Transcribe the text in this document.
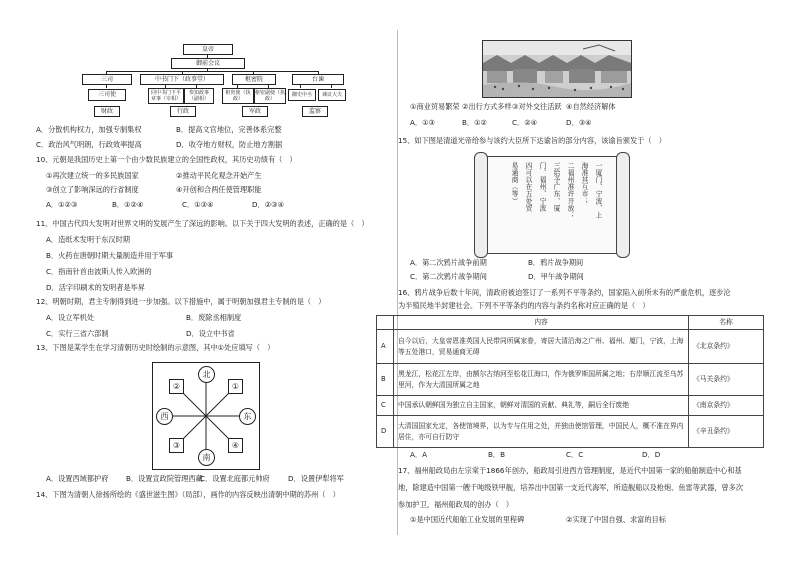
皇帝
御前会议
三司	中书门下（政事堂）	枢密院	台谏
三司使	同中书门下平章事（宰相）
参知政事（副相）
枢密使（执政）
枢密副使（执政）
御史中丞	谏议大夫
财政	行政	军政	监察
A．分散机构权力，加强专制集权	B．提高文官地位，完善体系完整
C．政治风气明朗，行政效率提高	D．收夺地方财权，防止地方割据
10、元朝是我国历史上第一个由少数民族建立的全国性政权，其历史功绩有（　）
①再次建立统一的多民族国家	②推动平民化观念开始产生
③创立了影响深远的行省制度	④开创和合两任使管理职能
A．①②③	B．①②④	C．①③④	D．②③④
11、中国古代四大发明对世界文明的发展产生了深远的影响。以下关于四大发明的表述，正确的是（　）
A．造纸术发明于东汉时期
B．火药在唐朝时期大量制造并用于军事
C．指南针首由波斯人传入欧洲的
D．活字印刷术的发明者是毕昇
12、明朝时期，君主专制得到进一步加强。以下措施中，属于明朝加强君主专制的是（　）
A．设立军机处	B．废除丞相制度
C．实行三省六部制	D．设立中书省
13、下图是某学生在学习清朝历史时绘制的示意图，其中①处应填写（　）
北
西	东
南
②	①
③	④
A．设置西域都护府 B．设置宣政院管理西藏
C．设置北庭都元帅府	D．设置伊犁将军
14、下图为清朝人徐扬所绘的《盛世滋生图》（局部），画作的内容反映出清朝中期的苏州（　）
①商业贸易繁荣 ②出行方式多样 ③对外交往活跃 ④自然经济解体
A．①③	B．①②	C．②④	D．③④
15、如下图是清道光帝给参与该约大臣所下达谕旨的部分内容，该谕旨颁发于（　）
一厦门、宁波、上
海准其互市；
二福州准许开放；
三给予广东、厦
门、福州、宁波
四可以在五处贸
易通商（等）
A．第二次鸦片战争前期	B．鸦片战争期间
C．第二次鸦片战争期间	D．甲午战争期间
16、鸦片战争后数十年间，清政府被迫签订了一系列不平等条约，国家陷入前所未有的严重危机，逐步沦
为半殖民地半封建社会。下列不平等条约的内容与条约名称对应正确的是（　）
	内容	名称
A	自今以后，大皇帝恩准英国人民带同所属家眷，寄居大清沿海之广州、福州、厦门，宁波，上海等五处港口，贸易通商无碍	《北京条约》
B	黑龙江，松花江左岸，由额尔古纳河至松花江海口，作为俄罗斯国所属之地；右岸顺江流至乌苏里河，作为大清国所属之地	《马关条约》
C	中国承认朝鲜国为独立自主国家，朝鲜对清国的贡献、典礼等，嗣后全行废绝	《南京条约》
D	大清国国家允定，各使馆境界，以为专与住用之处，并独由使馆管理，中国民人，概不准在界内居住，亦可自行防守	《辛丑条约》
A．A	B．B	C．C	D．D
17、福州船政局由左宗棠于1866年创办，船政局引进西方管理制度，是近代中国第一家的船舶制造中心和基
地，除建造中国第一艘千吨级铁甲舰，培养出中国第一支近代海军，所造舰船以及枪炮、鱼雷等武器，曾多次
参加护卫，福州船政局的创办（　）
①是中国近代船舶工业发展的里程碑	②实现了中国自强、求富的目标
